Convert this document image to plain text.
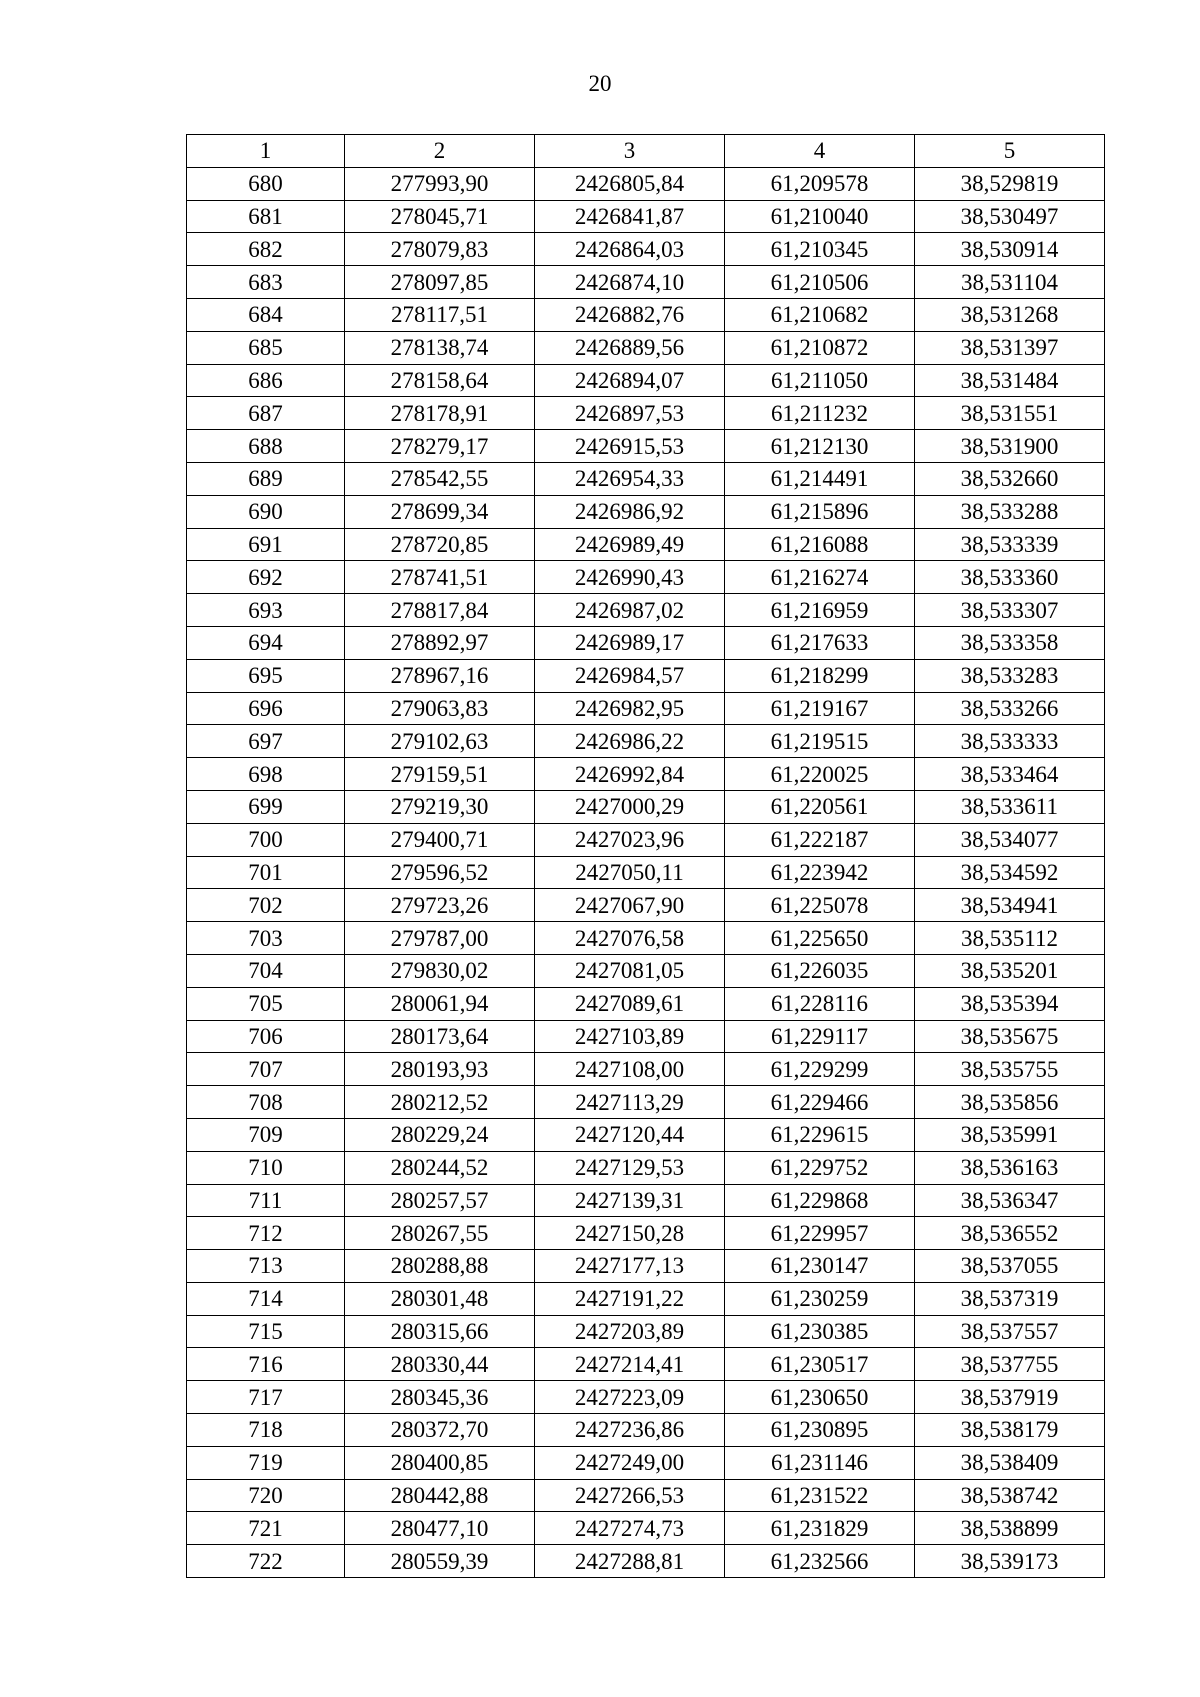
20
1	2	3	4	5
680	277993,90	2426805,84	61,209578	38,529819
681	278045,71	2426841,87	61,210040	38,530497
682	278079,83	2426864,03	61,210345	38,530914
683	278097,85	2426874,10	61,210506	38,531104
684	278117,51	2426882,76	61,210682	38,531268
685	278138,74	2426889,56	61,210872	38,531397
686	278158,64	2426894,07	61,211050	38,531484
687	278178,91	2426897,53	61,211232	38,531551
688	278279,17	2426915,53	61,212130	38,531900
689	278542,55	2426954,33	61,214491	38,532660
690	278699,34	2426986,92	61,215896	38,533288
691	278720,85	2426989,49	61,216088	38,533339
692	278741,51	2426990,43	61,216274	38,533360
693	278817,84	2426987,02	61,216959	38,533307
694	278892,97	2426989,17	61,217633	38,533358
695	278967,16	2426984,57	61,218299	38,533283
696	279063,83	2426982,95	61,219167	38,533266
697	279102,63	2426986,22	61,219515	38,533333
698	279159,51	2426992,84	61,220025	38,533464
699	279219,30	2427000,29	61,220561	38,533611
700	279400,71	2427023,96	61,222187	38,534077
701	279596,52	2427050,11	61,223942	38,534592
702	279723,26	2427067,90	61,225078	38,534941
703	279787,00	2427076,58	61,225650	38,535112
704	279830,02	2427081,05	61,226035	38,535201
705	280061,94	2427089,61	61,228116	38,535394
706	280173,64	2427103,89	61,229117	38,535675
707	280193,93	2427108,00	61,229299	38,535755
708	280212,52	2427113,29	61,229466	38,535856
709	280229,24	2427120,44	61,229615	38,535991
710	280244,52	2427129,53	61,229752	38,536163
711	280257,57	2427139,31	61,229868	38,536347
712	280267,55	2427150,28	61,229957	38,536552
713	280288,88	2427177,13	61,230147	38,537055
714	280301,48	2427191,22	61,230259	38,537319
715	280315,66	2427203,89	61,230385	38,537557
716	280330,44	2427214,41	61,230517	38,537755
717	280345,36	2427223,09	61,230650	38,537919
718	280372,70	2427236,86	61,230895	38,538179
719	280400,85	2427249,00	61,231146	38,538409
720	280442,88	2427266,53	61,231522	38,538742
721	280477,10	2427274,73	61,231829	38,538899
722	280559,39	2427288,81	61,232566	38,539173
